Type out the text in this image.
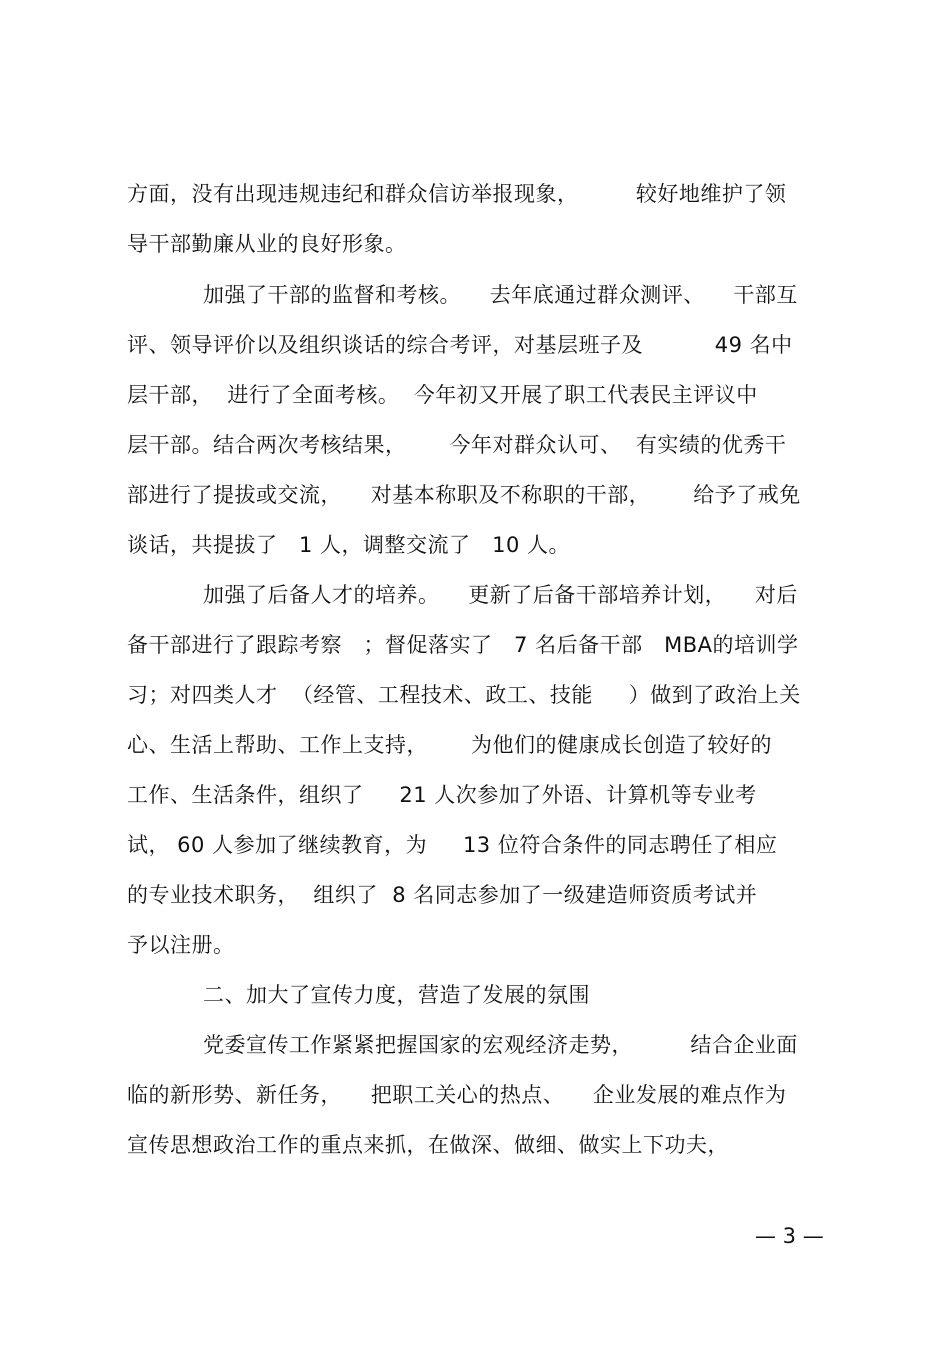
方面，没有出现违规违纪和群众信访举报现象，        较好地维护了领
导干部勤廉从业的良好形象。
加强了干部的监督和考核。    去年底通过群众测评、    干部互
评、领导评价以及组织谈话的综合考评，对基层班子及          49 名中
层干部，  进行了全面考核。  今年初又开展了职工代表民主评议中
层干部。结合两次考核结果，      今年对群众认可、  有实绩的优秀干
部进行了提拔或交流，    对基本称职及不称职的干部，      给予了戒免
谈话，共提拔了   1 人，调整交流了   10 人。
加强了后备人才的培养。    更新了后备干部培养计划，    对后
备干部进行了跟踪考察   ；督促落实了   7 名后备干部   MBA的培训学
习；对四类人才  （经管、工程技术、政工、技能     ）做到了政治上关
心、生活上帮助、工作上支持，      为他们的健康成长创造了较好的
工作、生活条件，组织了     21 人次参加了外语、计算机等专业考
试， 60 人参加了继续教育，为     13 位符合条件的同志聘任了相应
的专业技术职务，  组织了  8 名同志参加了一级建造师资质考试并
予以注册。
二、加大了宣传力度，营造了发展的氛围
党委宣传工作紧紧把握国家的宏观经济走势，        结合企业面
临的新形势、新任务，    把职工关心的热点、    企业发展的难点作为
宣传思想政治工作的重点来抓，在做深、做细、做实上下功夫，
— 3 —
